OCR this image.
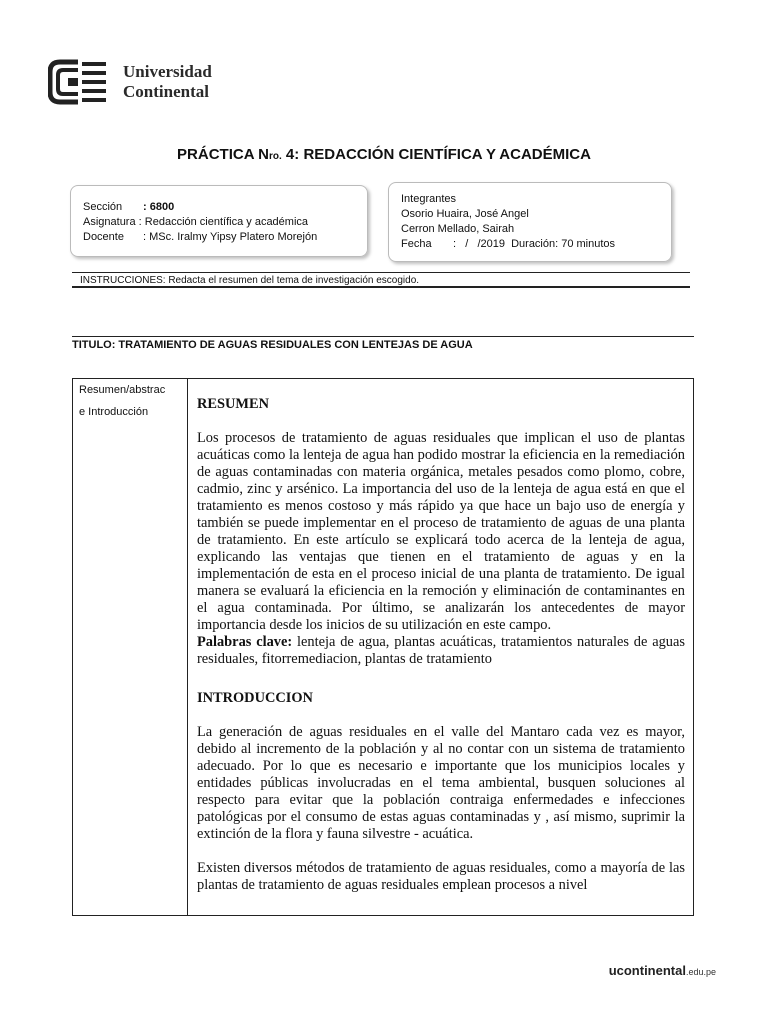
Universidad
Continental
PRÁCTICA Nro. 4: REDACCIÓN CIENTÍFICA Y ACADÉMICA
Sección : 6800
Asignatura : Redacción científica y académica
Docente : MSc. Iralmy Yipsy Platero Morejón
Integrantes
Osorio Huaira, José Angel
Cerron Mellado, Sairah
Fecha :   /   /2019  Duración: 70 minutos
INSTRUCCIONES: Redacta el resumen del tema de investigación escogido.
TITULO: TRATAMIENTO DE AGUAS RESIDUALES CON LENTEJAS DE AGUA
Resumen/abstrac
e Introducción	RESUMEN

Los procesos de tratamiento de aguas residuales que implican el uso de plantas acuáticas como la lenteja de agua han podido mostrar la eficiencia en la remediación de aguas contaminadas con materia orgánica, metales pesados como plomo, cobre, cadmio, zinc y arsénico. La importancia del uso de la lenteja de agua está en que el tratamiento es menos costoso y más rápido ya que hace un bajo uso de energía y también se puede implementar en el proceso de tratamiento de aguas de una planta de tratamiento. En este artículo se explicará todo acerca de la lenteja de agua, explicando las ventajas que tienen en el tratamiento de aguas y en la implementación de esta en el proceso inicial de una planta de tratamiento. De igual manera se evaluará la eficiencia en la remoción y eliminación de contaminantes en el agua contaminada. Por último, se analizarán los antecedentes de mayor importancia desde los inicios de su utilización en este campo.

Palabras clave: lenteja de agua, plantas acuáticas, tratamientos naturales de aguas residuales, fitorremediacion, plantas de tratamiento

INTRODUCCION

La generación de aguas residuales en el valle del Mantaro cada vez es mayor, debido al incremento de la población y al no contar con un sistema de tratamiento adecuado. Por lo que es necesario e importante que los municipios locales y entidades públicas involucradas en el tema ambiental, busquen soluciones al respecto para evitar que la población contraiga enfermedades e infecciones patológicas por el consumo de estas aguas contaminadas y , así mismo, suprimir la extinción de la flora y fauna silvestre - acuática.

Existen diversos métodos de tratamiento de aguas residuales, como a mayoría de las plantas de tratamiento de aguas residuales emplean procesos a nivel

ucontinental.edu.pe
